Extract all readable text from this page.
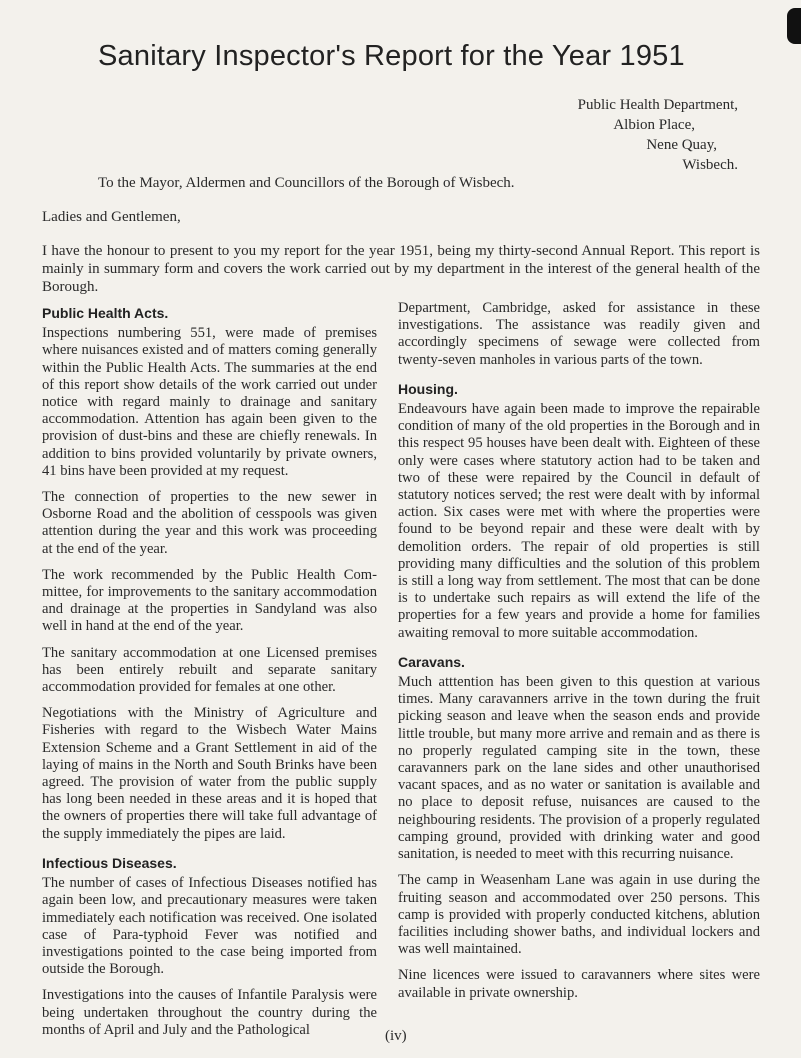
Sanitary Inspector's Report for the Year 1951
Public Health Department,
Albion Place,
Nene Quay,
Wisbech.
To the Mayor, Aldermen and Councillors of the Borough of Wisbech.
Ladies and Gentlemen,

I have the honour to present to you my report for the year 1951, being my thirty-second Annual Report. This report is mainly in summary form and covers the work carried out by my department in the interest of the general health of the Borough.

Public Health Acts.

Inspections numbering 551, were made of premises where nuisances existed and of matters coming generally within the Public Health Acts. The summaries at the end of this report show details of the work carried out under notice with regard mainly to drainage and sanitary accommodation. Attention has again been given to the provision of dust-bins and these are chiefly renewals. In addition to bins provided voluntarily by private owners, 41 bins have been provided at my request.

The connection of properties to the new sewer in Osborne Road and the abolition of cesspools was given attention during the year and this work was proceeding at the end of the year.

The work recommended by the Public Health Committee, for improvements to the sanitary accommodation and drainage at the properties in Sandyland was also well in hand at the end of the year.

The sanitary accommodation at one Licensed premises has been entirely rebuilt and separate sanitary accommodation provided for females at one other.

Negotiations with the Ministry of Agriculture and Fisheries with regard to the Wisbech Water Mains Extension Scheme and a Grant Settlement in aid of the laying of mains in the North and South Brinks have been agreed. The provision of water from the public supply has long been needed in these areas and it is hoped that the owners of properties there will take full advantage of the supply immediately the pipes are laid.

Infectious Diseases.

The number of cases of Infectious Diseases notified has again been low, and precautionary measures were taken immediately each notification was received. One isolated case of Para-typhoid Fever was notified and investigations pointed to the case being imported from outside the Borough.

Investigations into the causes of Infantile Paralysis were being undertaken throughout the country during the months of April and July and the Pathological

Department, Cambridge, asked for assistance in these investigations. The assistance was readily given and accordingly specimens of sewage were collected from twenty-seven manholes in various parts of the town.

Housing.

Endeavours have again been made to improve the repairable condition of many of the old properties in the Borough and in this respect 95 houses have been dealt with. Eighteen of these only were cases where statutory action had to be taken and two of these were repaired by the Council in default of statutory notices served; the rest were dealt with by informal action. Six cases were met with where the properties were found to be beyond repair and these were dealt with by demolition orders. The repair of old properties is still providing many difficulties and the solution of this problem is still a long way from settlement. The most that can be done is to undertake such repairs as will extend the life of the properties for a few years and provide a home for families awaiting removal to more suitable accommodation.

Caravans.

Much atttention has been given to this question at various times. Many caravanners arrive in the town during the fruit picking season and leave when the season ends and provide little trouble, but many more arrive and remain and as there is no properly regulated camping site in the town, these caravanners park on the lane sides and other unauthorised vacant spaces, and as no water or sanitation is available and no place to deposit refuse, nuisances are caused to the neighbouring residents. The provision of a properly regulated camping ground, provided with drinking water and good sanitation, is needed to meet with this recurring nuisance.

The camp in Weasenham Lane was again in use during the fruiting season and accommodated over 250 persons. This camp is provided with properly conducted kitchens, ablution facilities including shower baths, and individual lockers and was well maintained.

Nine licences were issued to caravanners where sites were available in private ownership.

(iv)
